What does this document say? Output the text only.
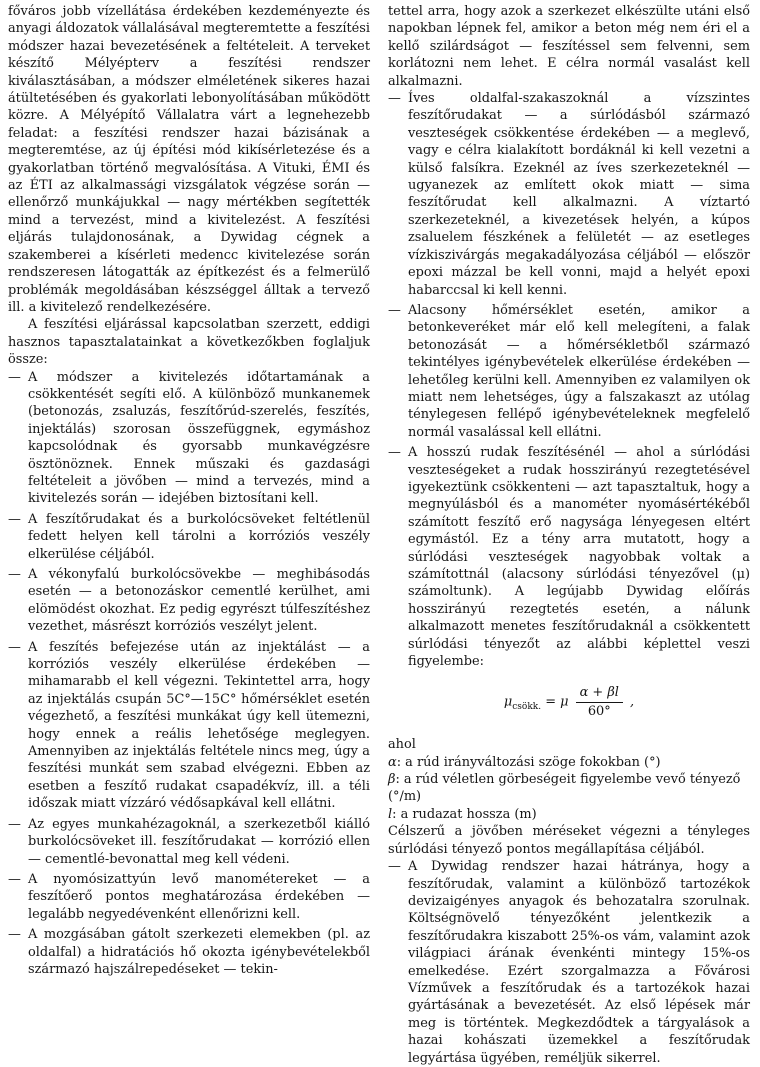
főváros jobb vízellátása érdekében kezdeményezte és anyagi áldozatok vállalásával megteremtette a feszítési módszer hazai bevezetésének a feltételeit. A terveket készítő Mélyépterv a feszítési rendszer kiválasztásában, a módszer elméletének sikeres hazai átültetésében és gyakorlati lebonyolításában működött közre. A Mélyépítő Vállalatra várt a legnehezebb feladat: a feszítési rendszer hazai bázisának a megteremtése, az új építési mód kikísérletezése és a gyakorlatban történő megvalósítása. A Vituki, ÉMI és az ÉTI az alkalmassági vizsgálatok végzése során — ellenőrző munkájukkal — nagy mértékben segítették mind a tervezést, mind a kivitelezést. A feszítési eljárás tulajdonosának, a Dywidag cégnek a szakemberei a kísérleti medencc kivitelezése során rendszeresen látogatták az építkezést és a felmerülő problémák megoldásában készséggel álltak a tervező ill. a kivitelező rendelkezésére.

A feszítési eljárással kapcsolatban szerzett, eddigi hasznos tapasztalatainkat a következőkben foglaljuk össze:

— A módszer a kivitelezés időtartamának a csökkentését segíti elő. A különböző munkanemek (betonozás, zsaluzás, feszítőrúd-szerelés, feszítés, injektálás) szorosan összefüggnek, egymáshoz kapcsolódnak és gyorsabb munkavégzésre ösztönöznek. Ennek műszaki és gazdasági feltételeit a jövőben — mind a tervezés, mind a kivitelezés során — idejében biztosítani kell.
— A feszítőrudakat és a burkolócsöveket feltétlenül fedett helyen kell tárolni a korróziós veszély elkerülése céljából.
— A vékonyfalú burkolócsövekbe — meghibásodás esetén — a betonozáskor cementlé kerülhet, ami elömödést okozhat. Ez pedig egyrészt túlfeszítéshez vezethet, másrészt korróziós veszélyt jelent.
— A feszítés befejezése után az injektálást — a korróziós veszély elkerülése érdekében — mihamarabb el kell végezni. Tekintettel arra, hogy az injektálás csupán 5C°—15C° hőmérséklet esetén végezhető, a feszítési munkákat úgy kell ütemezni, hogy ennek a reális lehetősége meglegyen. Amennyiben az injektálás feltétele nincs meg, úgy a feszítési munkát sem szabad elvégezni. Ebben az esetben a feszítő rudakat csapadékvíz, ill. a téli időszak miatt vízzáró védősapkával kell ellátni.
— Az egyes munkahézagoknál, a szerkezetből kiálló burkolócsöveket ill. feszítőrudakat — korrózió ellen — cementlé-bevonattal meg kell védeni.
— A nyomósizattyún levő manométereket — a feszítőerő pontos meghatározása érdekében — legalább negyedévenként ellenőrizni kell.
— A mozgásában gátolt szerkezeti elemekben (pl. az oldalfal) a hidratációs hő okozta igénybevételekből származó hajszálrepedéseket — tekin-

tettel arra, hogy azok a szerkezet elkészülte utáni első napokban lépnek fel, amikor a beton még nem éri el a kellő szilárdságot — feszítéssel sem felvenni, sem korlátozni nem lehet. E célra normál vasalást kell alkalmazni.

— Íves oldalfal-szakaszoknál a vízszintes feszítőrudakat — a súrlódásból származó veszteségek csökkentése érdekében — a meglevő, vagy e célra kialakított bordáknál ki kell vezetni a külső falsíkra. Ezeknél az íves szerkezeteknél — ugyanezek az említett okok miatt — sima feszítőrudat kell alkalmazni. A víztartó szerkezeteknél, a kivezetések helyén, a kúpos zsaluelem fészkének a felületét — az esetleges vízkiszivárgás megakadályozása céljából — először epoxi mázzal be kell vonni, majd a helyét epoxi habarccsal ki kell kenni.
— Alacsony hőmérséklet esetén, amikor a betonkeveréket már elő kell melegíteni, a falak betonozását — a hőmérsékletből származó tekintélyes igénybevételek elkerülése érdekében — lehetőleg kerülni kell. Amennyiben ez valamilyen ok miatt nem lehetséges, úgy a falszakaszt az utólag ténylegesen fellépő igénybevételeknek megfelelő normál vasalással kell ellátni.
— A hosszú rudak feszítésénél — ahol a súrlódási veszteségeket a rudak hosszirányú rezegtetésével igyekeztünk csökkenteni — azt tapasztaltuk, hogy a megnyúlásból és a manométer nyomásértékéből számított feszítő erő nagysága lényegesen eltért egymástól. Ez a tény arra mutatott, hogy a súrlódási veszteségek nagyobbak voltak a számítottnál (alacsony súrlódási tényezővel (μ) számoltunk). A legújabb Dywidag előírás hosszirányú rezegtetés esetén, a nálunk alkalmazott menetes feszítőrudaknál a csökkentett súrlódási tényezőt az alábbi képlettel veszi figyelembe:
$\mu_{csökk.} = \mu \frac{\alpha + \beta l}{60^\circ}$ ,

ahol

α: a rúd irányváltozási szöge fokokban (°)

β: a rúd véletlen görbeségeit figyelembe vevő tényező (°/m)

l: a rudazat hossza (m)

Célszerű a jövőben méréseket végezni a tényleges súrlódási tényező pontos megállapítása céljából.

— A Dywidag rendszer hazai hátránya, hogy a feszítőrudak, valamint a különböző tartozékok devizaigényes anyagok és behozatalra szorulnak. Költségnövelő tényezőként jelentkezik a feszítőrudakra kiszabott 25%-os vám, valamint azok világpiaci árának évenkénti mintegy 15%-os emelkedése. Ezért szorgalmazza a Fővárosi Vízművek a feszítőrudak és a tartozékok hazai gyártásának a bevezetését. Az első lépések már meg is történtek. Megkezdődtek a tárgyalások a hazai kohászati üzemekkel a feszítőrudak legyártása ügyében, reméljük sikerrel.
